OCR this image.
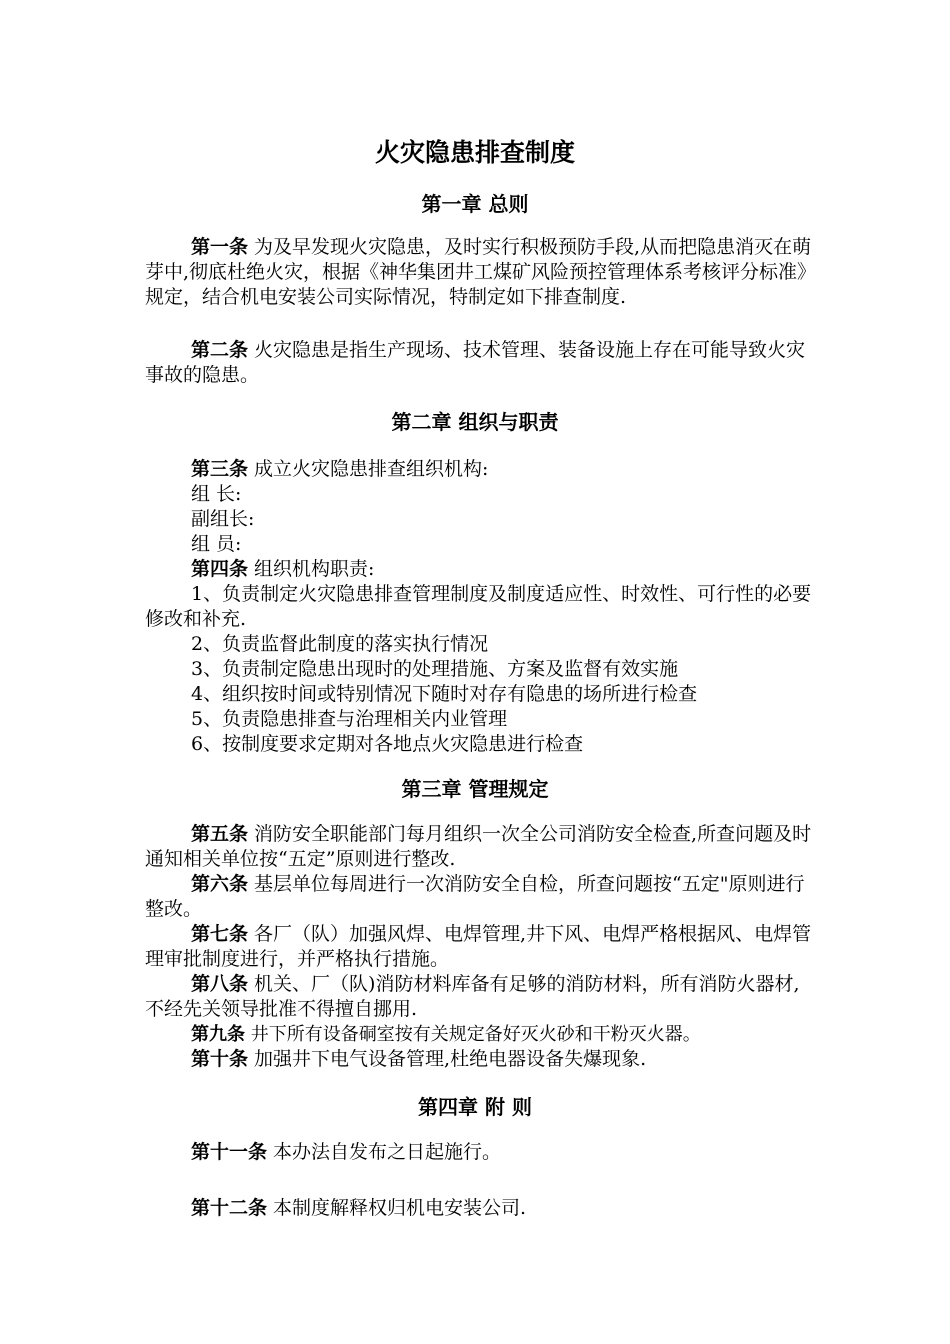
火灾隐患排查制度
第一章 总则

第一条 为及早发现火灾隐患，及时实行积极预防手段,从而把隐患消灭在萌芽中,彻底杜绝火灾，根据《神华集团井工煤矿风险预控管理体系考核评分标准》规定，结合机电安装公司实际情况，特制定如下排查制度.

第二条 火灾隐患是指生产现场、技术管理、装备设施上存在可能导致火灾事故的隐患。

第二章 组织与职责

第三条 成立火灾隐患排查组织机构:

组 长:

副组长:

组 员:

第四条 组织机构职责:

1、负责制定火灾隐患排查管理制度及制度适应性、时效性、可行性的必要修改和补充.

2、负责监督此制度的落实执行情况

3、负责制定隐患出现时的处理措施、方案及监督有效实施

4、组织按时间或特别情况下随时对存有隐患的场所进行检查

5、负责隐患排查与治理相关内业管理

6、按制度要求定期对各地点火灾隐患进行检查

第三章 管理规定

第五条 消防安全职能部门每月组织一次全公司消防安全检查,所查问题及时通知相关单位按“五定”原则进行整改.

第六条 基层单位每周进行一次消防安全自检，所查问题按“五定"原则进行整改。

第七条 各厂（队）加强风焊、电焊管理,井下风、电焊严格根据风、电焊管理审批制度进行，并严格执行措施。

第八条 机关、厂（队)消防材料库备有足够的消防材料，所有消防火器材,不经先关领导批准不得擅自挪用.

第九条 井下所有设备硐室按有关规定备好灭火砂和干粉灭火器。

第十条 加强井下电气设备管理,杜绝电器设备失爆现象.

第四章 附 则

第十一条 本办法自发布之日起施行。

第十二条 本制度解释权归机电安装公司.
